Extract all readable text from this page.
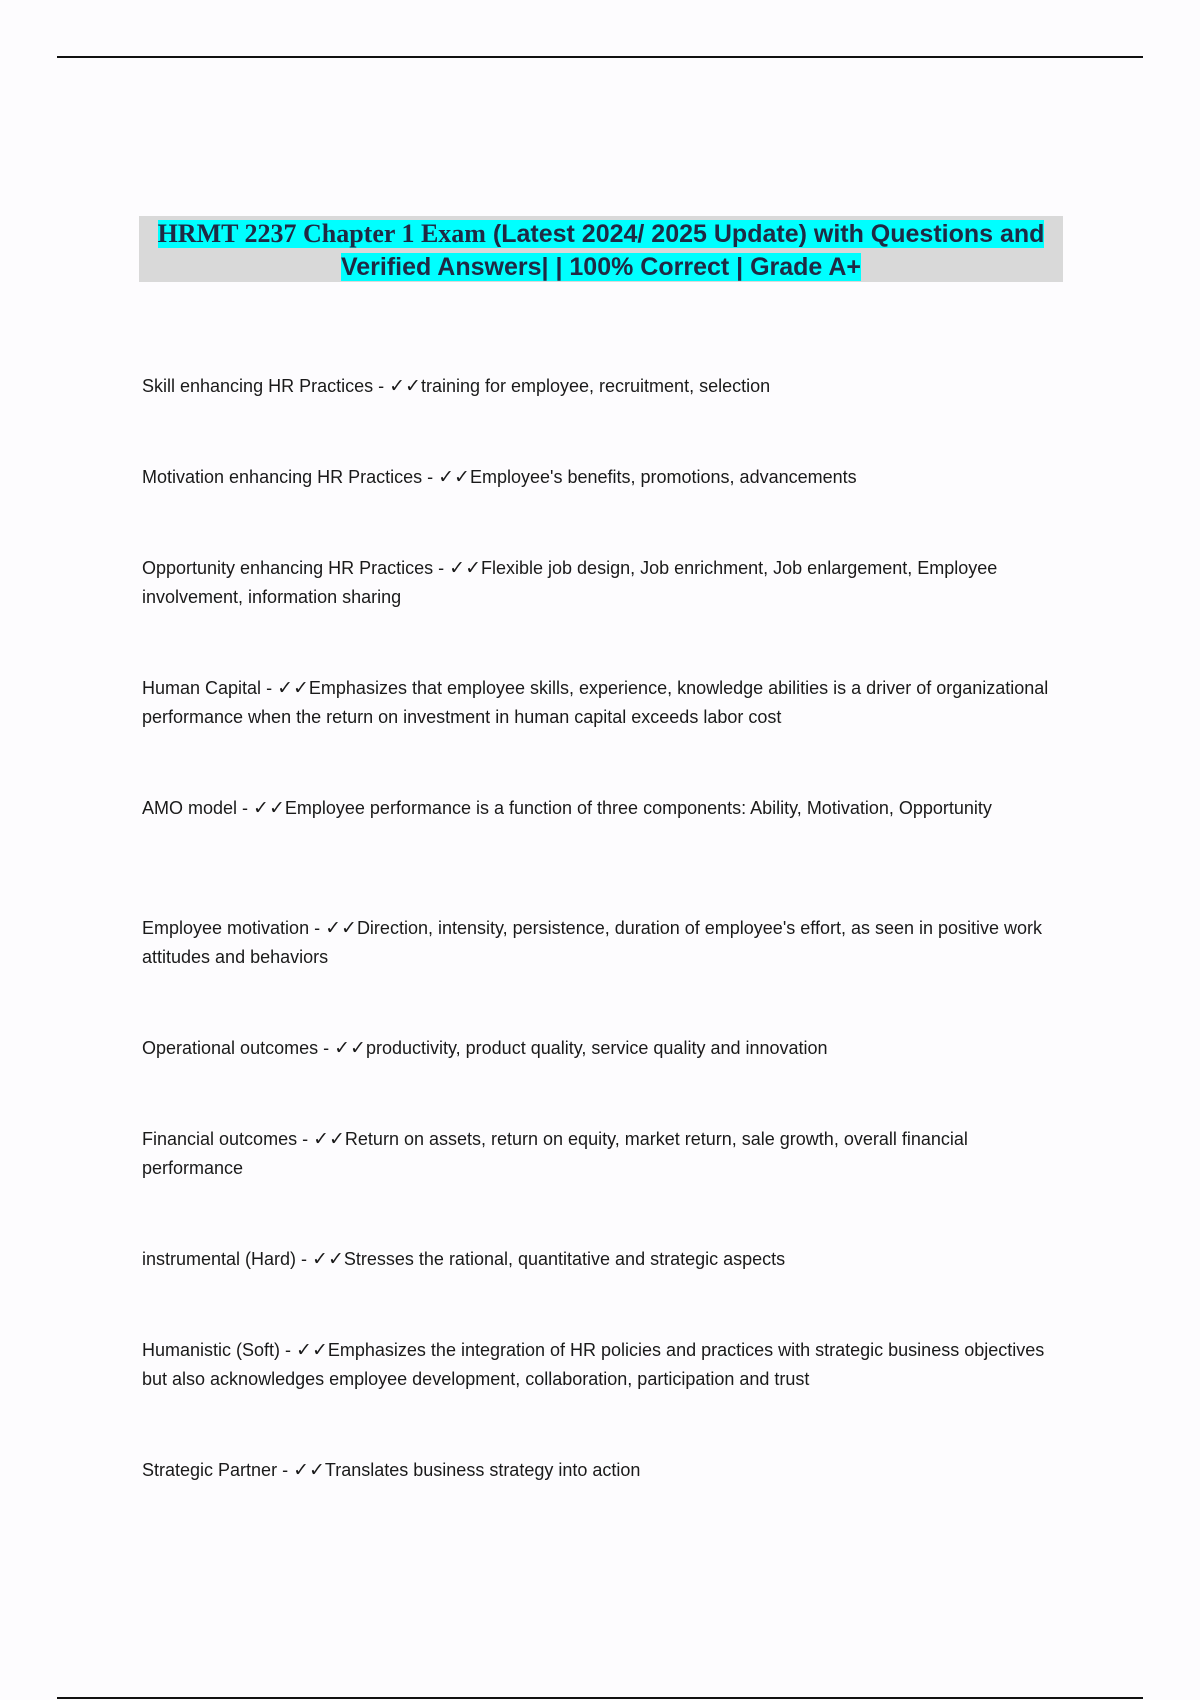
HRMT 2237 Chapter 1 Exam (Latest 2024/ 2025 Update) with Questions and Verified Answers| | 100% Correct | Grade A+
Skill enhancing HR Practices - ✓✓training for employee, recruitment, selection
Motivation enhancing HR Practices - ✓✓Employee's benefits, promotions, advancements
Opportunity enhancing HR Practices - ✓✓Flexible job design, Job enrichment, Job enlargement, Employee involvement, information sharing
Human Capital - ✓✓Emphasizes that employee skills, experience, knowledge abilities is a driver of organizational performance when the return on investment in human capital exceeds labor cost
AMO model - ✓✓Employee performance is a function of three components: Ability, Motivation, Opportunity
Employee motivation - ✓✓Direction, intensity, persistence, duration of employee's effort, as seen in positive work attitudes and behaviors
Operational outcomes - ✓✓productivity, product quality, service quality and innovation
Financial outcomes - ✓✓Return on assets, return on equity, market return, sale growth, overall financial performance
instrumental (Hard) - ✓✓Stresses the rational, quantitative and strategic aspects
Humanistic (Soft) - ✓✓Emphasizes the integration of HR policies and practices with strategic business objectives but also acknowledges employee development, collaboration, participation and trust
Strategic Partner - ✓✓Translates business strategy into action
